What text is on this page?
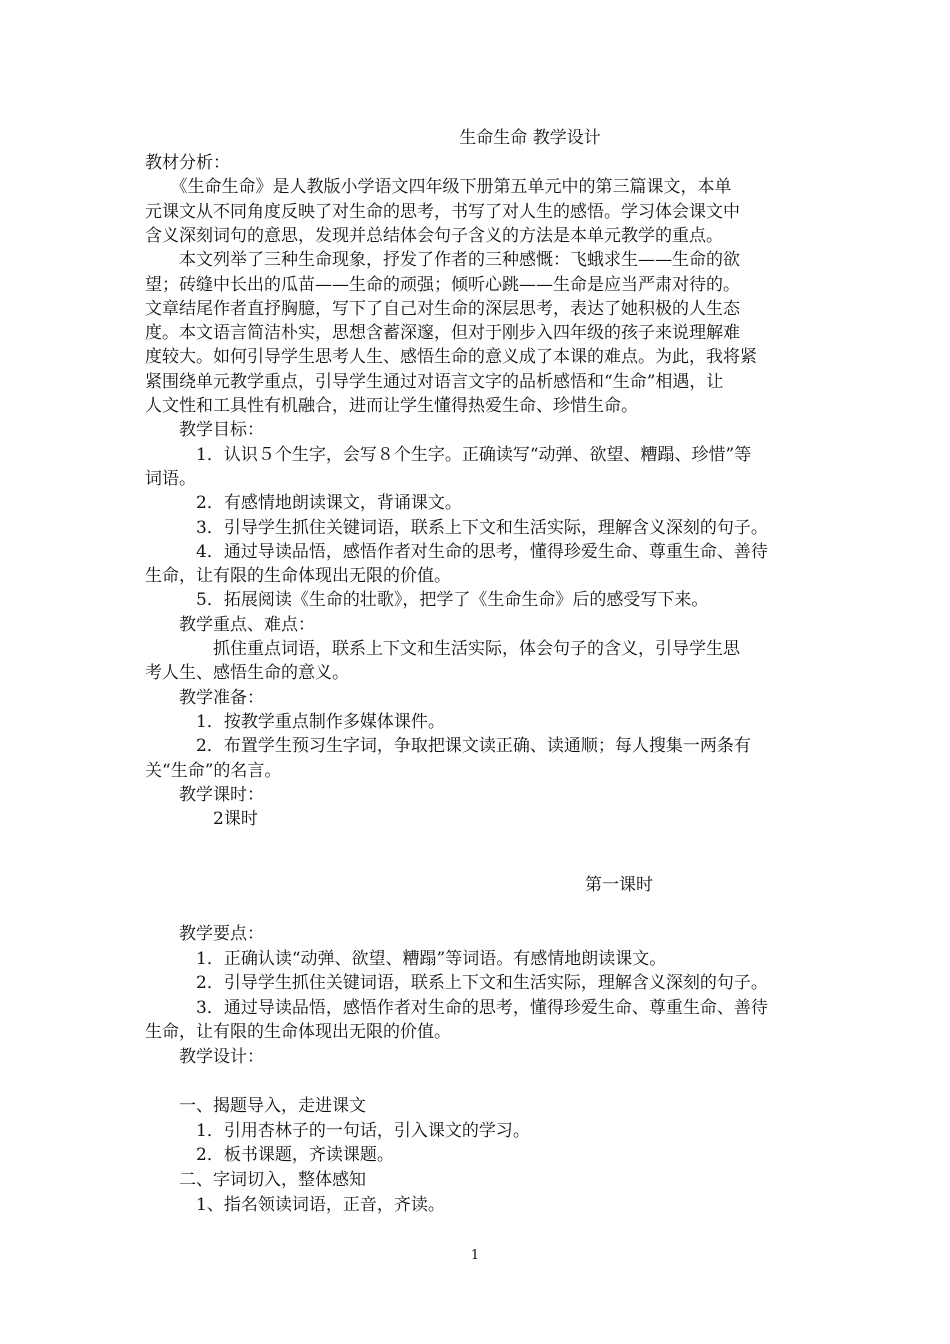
生命生命 教学设计
教材分析：
　　《生命生命》是人教版小学语文四年级下册第五单元中的第三篇课文，本单
元课文从不同角度反映了对生命的思考，书写了对人生的感悟。学习体会课文中
含义深刻词句的意思，发现并总结体会句子含义的方法是本单元教学的重点。
　　本文列举了三种生命现象，抒发了作者的三种感慨：飞蛾求生——生命的欲
望；砖缝中长出的瓜苗——生命的顽强；倾听心跳——生命是应当严肃对待的。
文章结尾作者直抒胸臆，写下了自己对生命的深层思考，表达了她积极的人生态
度。本文语言简洁朴实，思想含蓄深邃，但对于刚步入四年级的孩子来说理解难
度较大。如何引导学生思考人生、感悟生命的意义成了本课的难点。为此，我将紧
紧围绕单元教学重点，引导学生通过对语言文字的品析感悟和“生命”相遇，让
人文性和工具性有机融合，进而让学生懂得热爱生命、珍惜生命。
　　教学目标：
　　　1．认识５个生字，会写８个生字。正确读写“动弹、欲望、糟蹋、珍惜”等
词语。
　　　2．有感情地朗读课文，背诵课文。
　　　3．引导学生抓住关键词语，联系上下文和生活实际，理解含义深刻的句子。
　　　4．通过导读品悟，感悟作者对生命的思考，懂得珍爱生命、尊重生命、善待
生命，让有限的生命体现出无限的价值。
　　　5．拓展阅读《生命的壮歌》，把学了《生命生命》后的感受写下来。
　　教学重点、难点：
　　　　抓住重点词语，联系上下文和生活实际，体会句子的含义，引导学生思
考人生、感悟生命的意义。
　　教学准备：
　　　1．按教学重点制作多媒体课件。
　　　2．布置学生预习生字词，争取把课文读正确、读通顺；每人搜集一两条有
关“生命”的名言。
　　教学课时：
　　　　2课时
第一课时
　　教学要点：
　　　1．正确认读“动弹、欲望、糟蹋”等词语。有感情地朗读课文。
　　　2．引导学生抓住关键词语，联系上下文和生活实际，理解含义深刻的句子。
　　　3．通过导读品悟，感悟作者对生命的思考，懂得珍爱生命、尊重生命、善待
生命，让有限的生命体现出无限的价值。
　　教学设计：
　　一、揭题导入，走进课文
　　　1．引用杏林子的一句话，引入课文的学习。
　　　2．板书课题，齐读课题。
　　二、字词切入，整体感知
　　　1、指名领读词语，正音，齐读。
1
